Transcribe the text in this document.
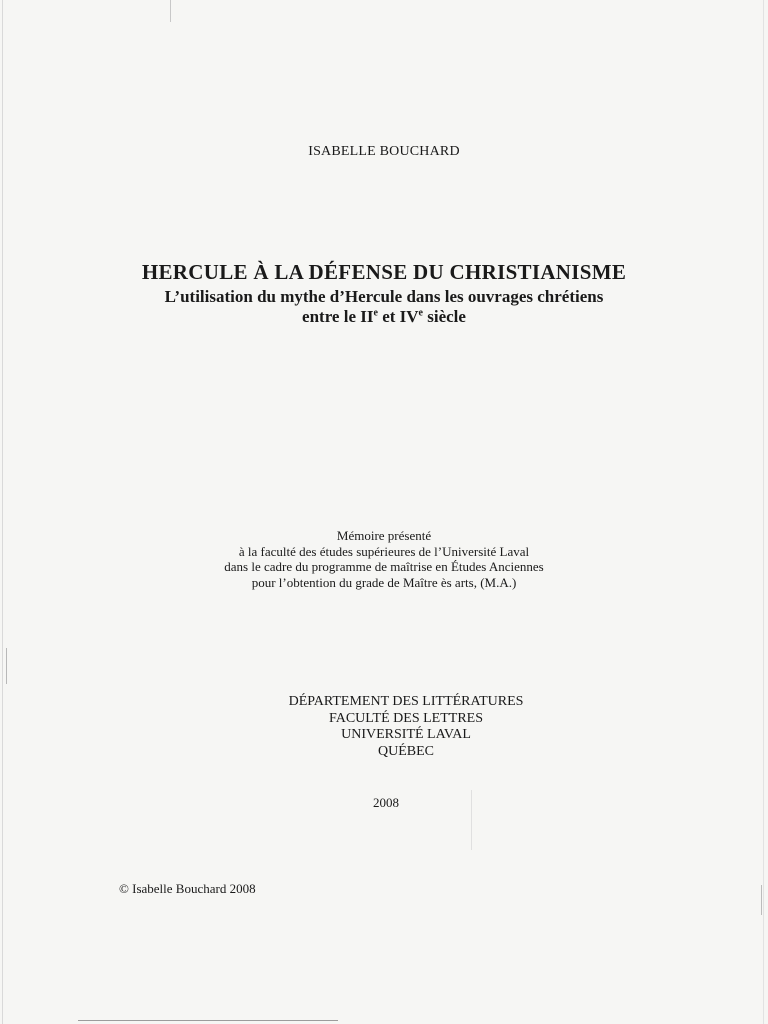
ISABELLE BOUCHARD
HERCULE À LA DÉFENSE DU CHRISTIANISME
L’utilisation du mythe d’Hercule dans les ouvrages chrétiens
entre le IIe et IVe siècle
Mémoire présenté
à la faculté des études supérieures de l’Université Laval
dans le cadre du programme de maîtrise en Études Anciennes
pour l’obtention du grade de Maître ès arts, (M.A.)
DÉPARTEMENT DES LITTÉRATURES
FACULTÉ DES LETTRES
UNIVERSITÉ LAVAL
QUÉBEC
2008
© Isabelle Bouchard 2008
